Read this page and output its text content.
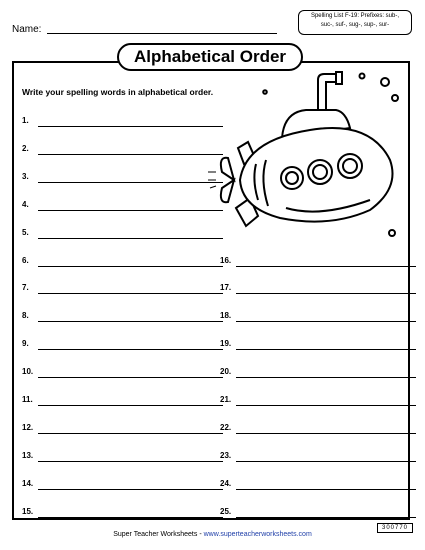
Name:
Spelling List F-19: Prefixes: sub-,
suc-, suf-, sug-, sup-, sur-
Alphabetical Order
Write your spelling words in alphabetical order.
1.
2.
3.
4.
5.
6.
7.
8.
9.
10.
11.
12.
13.
14.
15.
16.
17.
18.
19.
20.
21.
22.
23.
24.
25.
Super Teacher Worksheets - www.superteacherworksheets.com
300770
